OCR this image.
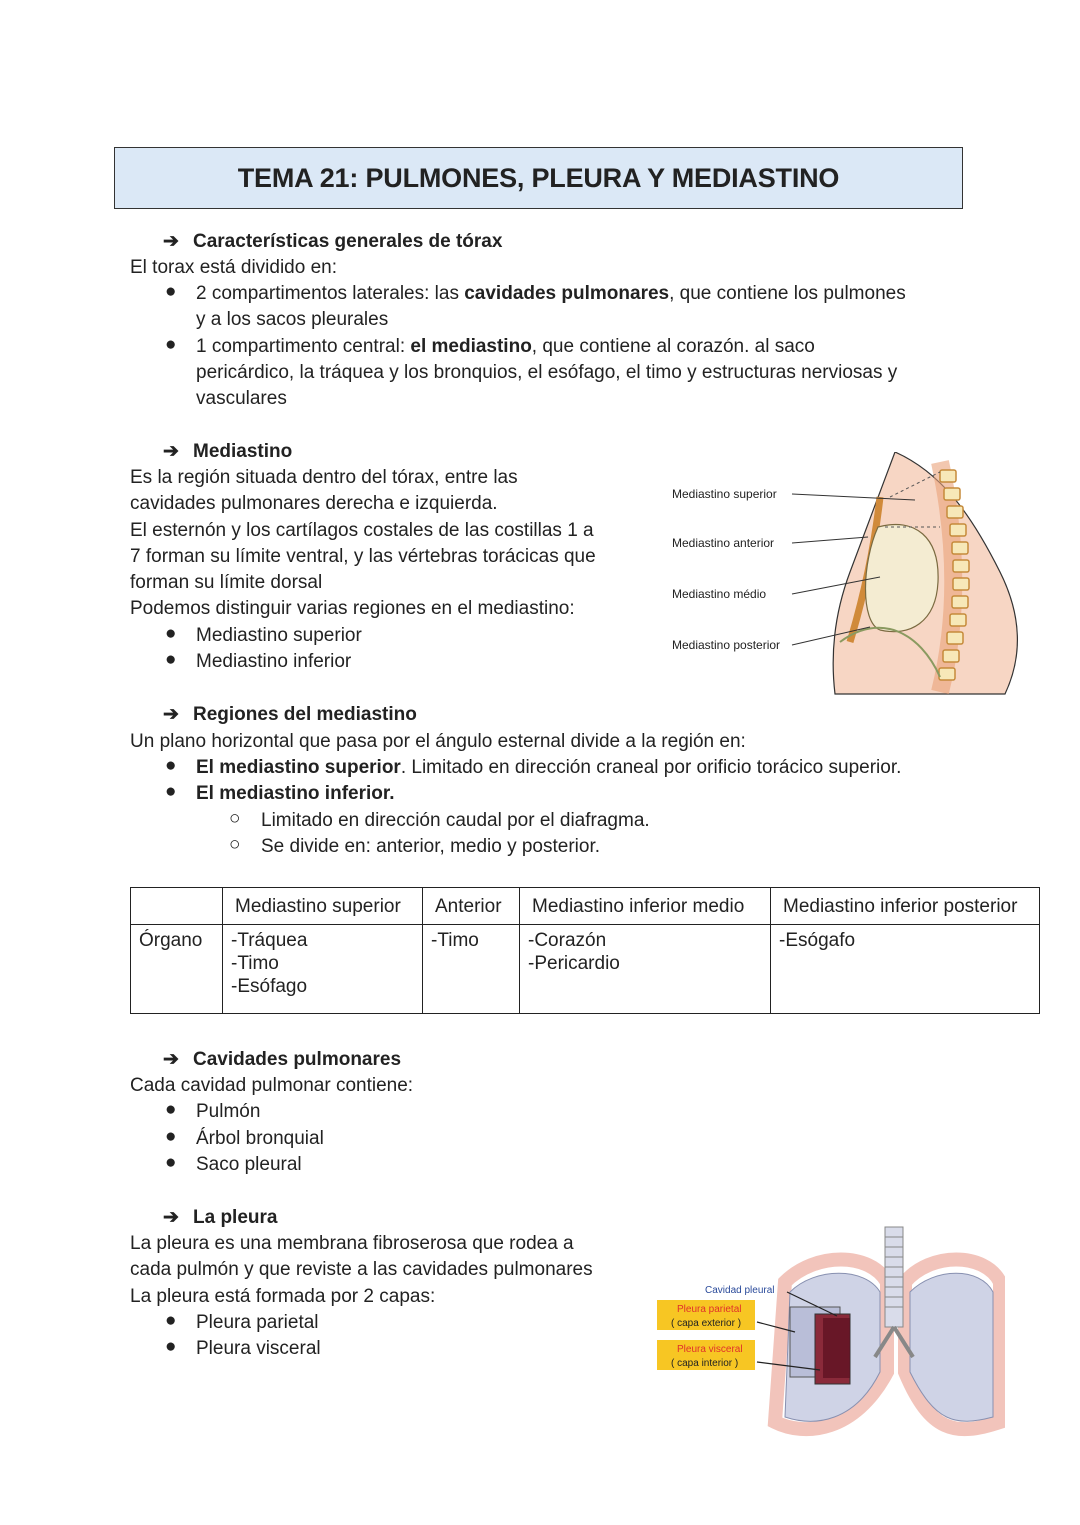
TEMA 21: PULMONES, PLEURA Y MEDIASTINO
➔ Características generales de tórax
El torax está dividido en:
● 2 compartimentos laterales: las cavidades pulmonares, que contiene los pulmones
y a los sacos pleurales
● 1 compartimento central: el mediastino, que contiene al corazón. al saco
pericárdico, la tráquea y los bronquios, el esófago, el timo y estructuras nerviosas y
vasculares
➔ Mediastino
Es la región situada dentro del tórax, entre las
cavidades pulmonares derecha e izquierda.
El esternón y los cartílagos costales de las costillas 1 a
7 forman su límite ventral, y las vértebras torácicas que
forman su límite dorsal
Podemos distinguir varias regiones en el mediastino:
● Mediastino superior
● Mediastino inferior
Mediastino superior
Mediastino anterior
Mediastino médio
Mediastino posterior
➔ Regiones del mediastino
Un plano horizontal que pasa por el ángulo esternal divide a la región en:
● El mediastino superior. Limitado en dirección craneal por orificio torácico superior.
● El mediastino inferior.
○ Limitado en dirección caudal por el diafragma.
○ Se divide en: anterior, medio y posterior.
	Mediastino superior	Anterior	Mediastino inferior medio	Mediastino inferior posterior
Órgano	-Tráquea
-Timo
-Esófago	-Timo	-Corazón
-Pericardio	-Esógafo
➔ Cavidades pulmonares
Cada cavidad pulmonar contiene:
● Pulmón
● Árbol bronquial
● Saco pleural
➔ La pleura
La pleura es una membrana fibroserosa que rodea a
cada pulmón y que reviste a las cavidades pulmonares
La pleura está formada por 2 capas:
● Pleura parietal
● Pleura visceral
Cavidad pleural
Pleura parietal
( capa exterior )
Pleura visceral
( capa interior )
